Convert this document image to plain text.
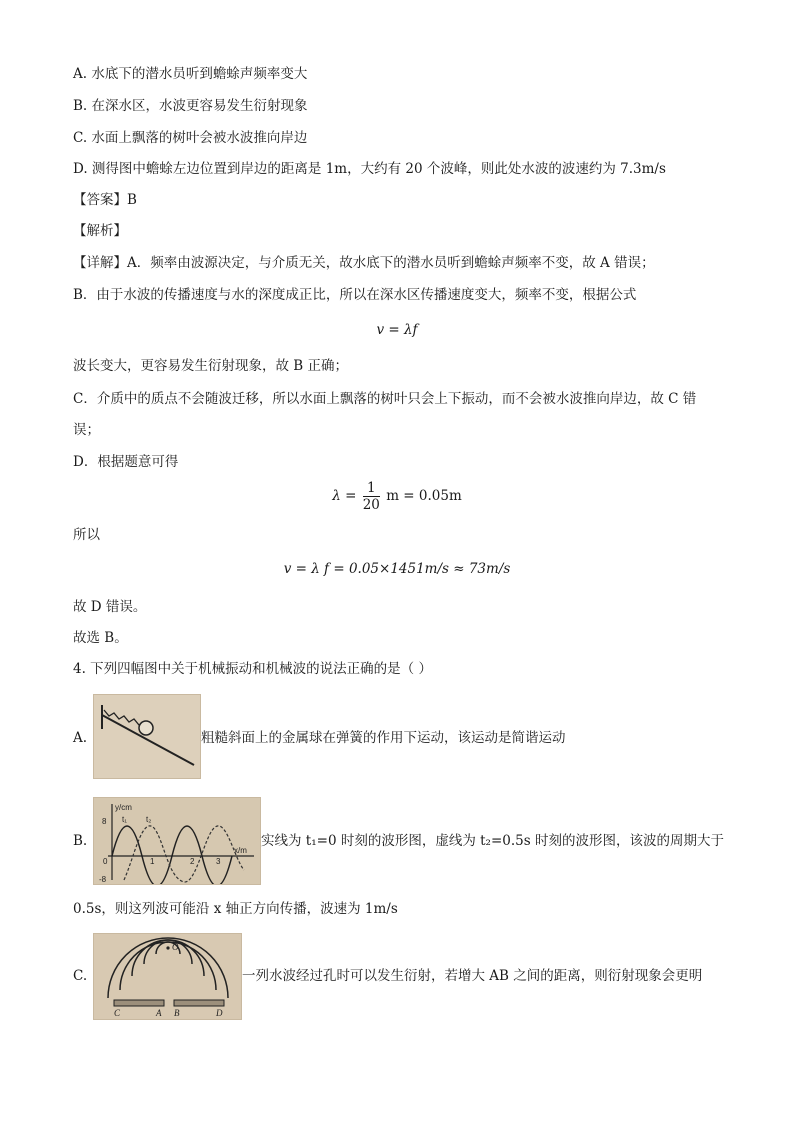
A. 水底下的潜水员听到蟾蜍声频率变大
B. 在深水区，水波更容易发生衍射现象
C. 水面上飘落的树叶会被水波推向岸边
D. 测得图中蟾蜍左边位置到岸边的距离是 1m，大约有 20 个波峰，则此处水波的波速约为 7.3m/s
【答案】B
【解析】
【详解】A．频率由波源决定，与介质无关，故水底下的潜水员听到蟾蜍声频率不变，故 A 错误；
B．由于水波的传播速度与水的深度成正比，所以在深水区传播速度变大，频率不变，根据公式
v = λf
波长变大，更容易发生衍射现象，故 B 正确；
C．介质中的质点不会随波迁移，所以水面上飘落的树叶只会上下振动，而不会被水波推向岸边，故 C 错
误；
D．根据题意可得
$\lambda = \frac{1}{20}$ m = 0.05m
所以
v = λ f = 0.05×1451m/s ≈ 73m/s
故 D 错误。
故选 B。
4. 下列四幅图中关于机械振动和机械波的说法正确的是（ ）
A.	粗糙斜面上的金属球在弹簧的作用下运动，该运动是简谐运动
B.
y/cm
t₁ t₂
8
-8
0	1	2	3
x/m
实线为 t₁=0 时刻的波形图，虚线为 t₂=0.5s 时刻的波形图，该波的周期大于
0.5s，则这列波可能沿 x 轴正方向传播，波速为 1m/s
C.
O
C	A B	D
一列水波经过孔时可以发生衍射，若增大 AB 之间的距离，则衍射现象会更明
